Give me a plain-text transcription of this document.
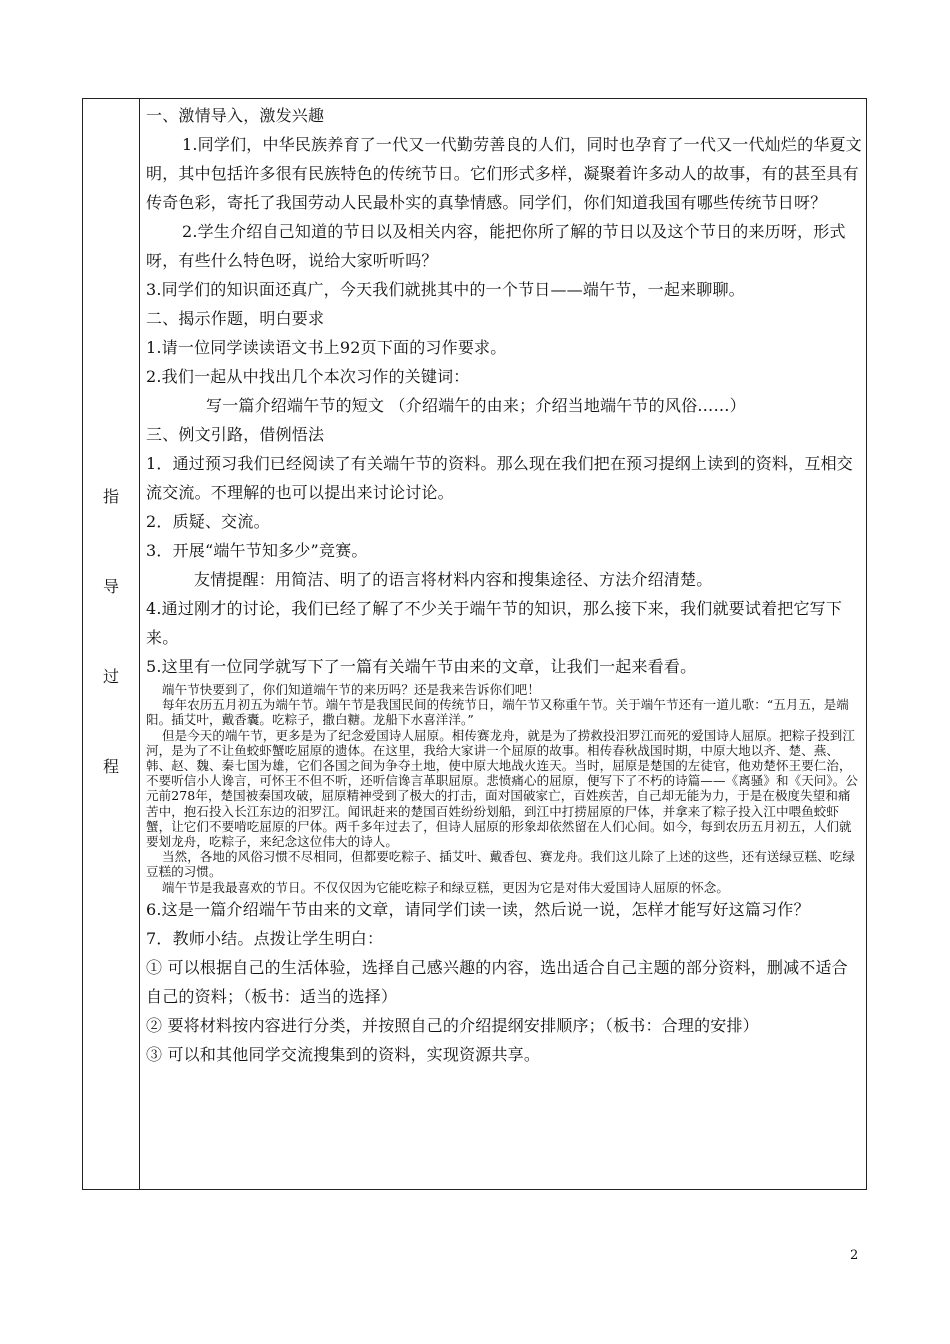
指
导
过
程

一、激情导入，激发兴趣

1.同学们，中华民族养育了一代又一代勤劳善良的人们，同时也孕育了一代又一代灿烂的华夏文明，其中包括许多很有民族特色的传统节日。它们形式多样，凝聚着许多动人的故事，有的甚至具有传奇色彩，寄托了我国劳动人民最朴实的真挚情感。同学们，你们知道我国有哪些传统节日呀？

2.学生介绍自己知道的节日以及相关内容，能把你所了解的节日以及这个节日的来历呀，形式呀，有些什么特色呀，说给大家听听吗？

3.同学们的知识面还真广，今天我们就挑其中的一个节日——端午节，一起来聊聊。

二、揭示作题，明白要求

1.请一位同学读读语文书上92页下面的习作要求。

2.我们一起从中找出几个本次习作的关键词：

写一篇介绍端午节的短文 （介绍端午的由来；介绍当地端午节的风俗……）

三、例文引路，借例悟法

1．通过预习我们已经阅读了有关端午节的资料。那么现在我们把在预习提纲上读到的资料，互相交流交流。不理解的也可以提出来讨论讨论。

2．质疑、交流。

3．开展“端午节知多少”竞赛。

友情提醒：用简洁、明了的语言将材料内容和搜集途径、方法介绍清楚。

4.通过刚才的讨论，我们已经了解了不少关于端午节的知识，那么接下来，我们就要试着把它写下来。

5.这里有一位同学就写下了一篇有关端午节由来的文章，让我们一起来看看。

端午节快要到了，你们知道端午节的来历吗？还是我来告诉你们吧！

每年农历五月初五为端午节。端午节是我国民间的传统节日，端午节又称重午节。关于端午节还有一道儿歌：“五月五，是端阳。插艾叶，戴香囊。吃粽子，撒白糖。龙船下水喜洋洋。”

但是今天的端午节，更多是为了纪念爱国诗人屈原。相传赛龙舟，就是为了捞救投汨罗江而死的爱国诗人屈原。把粽子投到江河，是为了不让鱼蛟虾蟹吃屈原的遗体。在这里，我给大家讲一个屈原的故事。相传春秋战国时期，中原大地以齐、楚、燕、韩、赵、魏、秦七国为雄，它们各国之间为争夺土地，使中原大地战火连天。当时，屈原是楚国的左徒官，他劝楚怀王要仁治，不要听信小人谗言，可怀王不但不听，还听信谗言革职屈原。悲愤痛心的屈原，便写下了不朽的诗篇——《离骚》和《天问》。公元前278年，楚国被秦国攻破，屈原精神受到了极大的打击，面对国破家亡，百姓疾苦，自己却无能为力，于是在极度失望和痛苦中，抱石投入长江东边的汨罗江。闻讯赶来的楚国百姓纷纷划船，到江中打捞屈原的尸体，并拿来了粽子投入江中喂鱼蛟虾蟹，让它们不要啃吃屈原的尸体。两千多年过去了，但诗人屈原的形象却依然留在人们心间。如今，每到农历五月初五，人们就要划龙舟，吃粽子，来纪念这位伟大的诗人。

当然，各地的风俗习惯不尽相同，但都要吃粽子、插艾叶、戴香包、赛龙舟。我们这儿除了上述的这些，还有送绿豆糕、吃绿豆糕的习惯。

端午节是我最喜欢的节日。不仅仅因为它能吃粽子和绿豆糕，更因为它是对伟大爱国诗人屈原的怀念。

6.这是一篇介绍端午节由来的文章，请同学们读一读，然后说一说，怎样才能写好这篇习作？

7．教师小结。点拨让学生明白：

① 可以根据自己的生活体验，选择自己感兴趣的内容，选出适合自己主题的部分资料，删减不适合自己的资料；（板书：适当的选择）

② 要将材料按内容进行分类，并按照自己的介绍提纲安排顺序；（板书：合理的安排）

③ 可以和其他同学交流搜集到的资料，实现资源共享。

2
